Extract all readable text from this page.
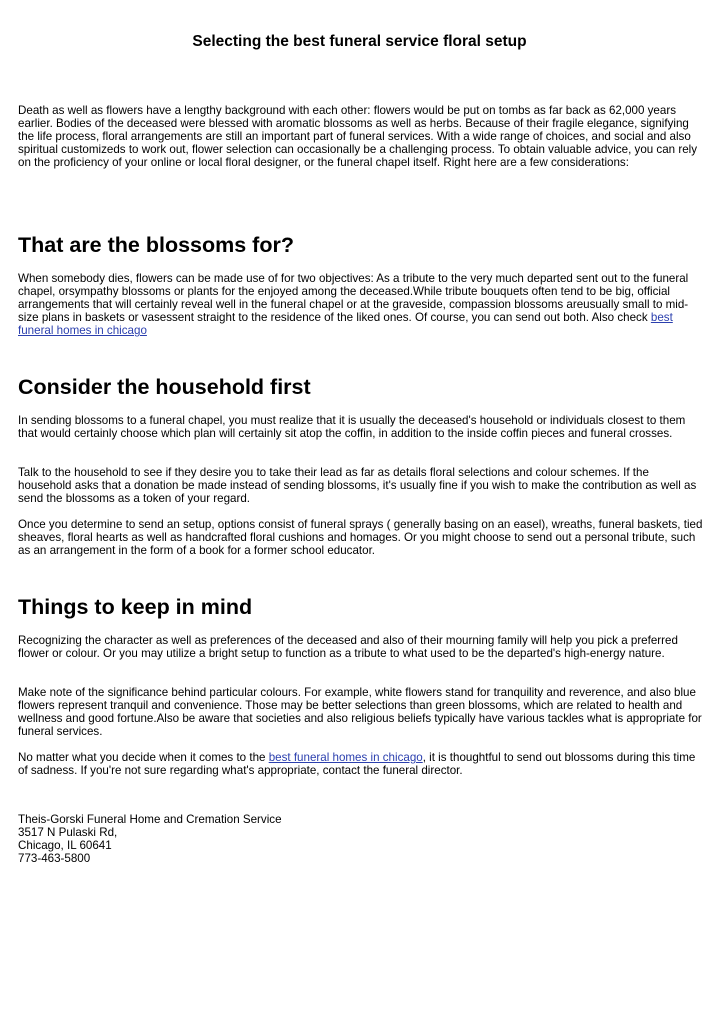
Selecting the best funeral service floral setup

Death as well as flowers have a lengthy background with each other: flowers would be put on tombs as far back as 62,000 years earlier. Bodies of the deceased were blessed with aromatic blossoms as well as herbs. Because of their fragile elegance, signifying the life process, floral arrangements are still an important part of funeral services. With a wide range of choices, and social and also spiritual customizeds to work out, flower selection can occasionally be a challenging process. To obtain valuable advice, you can rely on the proficiency of your online or local floral designer, or the funeral chapel itself. Right here are a few considerations:

That are the blossoms for?

When somebody dies, flowers can be made use of for two objectives: As a tribute to the very much departed sent out to the funeral chapel, orsympathy blossoms or plants for the enjoyed among the deceased.While tribute bouquets often tend to be big, official arrangements that will certainly reveal well in the funeral chapel or at the graveside, compassion blossoms areusually small to mid-size plans in baskets or vasessent straight to the residence of the liked ones. Of course, you can send out both. Also check best funeral homes in chicago

Consider the household first

In sending blossoms to a funeral chapel, you must realize that it is usually the deceased's household or individuals closest to them that would certainly choose which plan will certainly sit atop the coffin, in addition to the inside coffin pieces and funeral crosses.

Talk to the household to see if they desire you to take their lead as far as details floral selections and colour schemes. If the household asks that a donation be made instead of sending blossoms, it's usually fine if you wish to make the contribution as well as send the blossoms as a token of your regard.

Once you determine to send an setup, options consist of funeral sprays ( generally basing on an easel), wreaths, funeral baskets, tied sheaves, floral hearts as well as handcrafted floral cushions and homages. Or you might choose to send out a personal tribute, such as an arrangement in the form of a book for a former school educator.

Things to keep in mind

Recognizing the character as well as preferences of the deceased and also of their mourning family will help you pick a preferred flower or colour. Or you may utilize a bright setup to function as a tribute to what used to be the departed's high-energy nature.

Make note of the significance behind particular colours. For example, white flowers stand for tranquility and reverence, and also blue flowers represent tranquil and convenience. Those may be better selections than green blossoms, which are related to health and wellness and good fortune.Also be aware that societies and also religious beliefs typically have various tackles what is appropriate for funeral services.

No matter what you decide when it comes to the best funeral homes in chicago, it is thoughtful to send out blossoms during this time of sadness. If you're not sure regarding what's appropriate, contact the funeral director.

Theis-Gorski Funeral Home and Cremation Service
3517 N Pulaski Rd,
Chicago, IL 60641
773-463-5800
